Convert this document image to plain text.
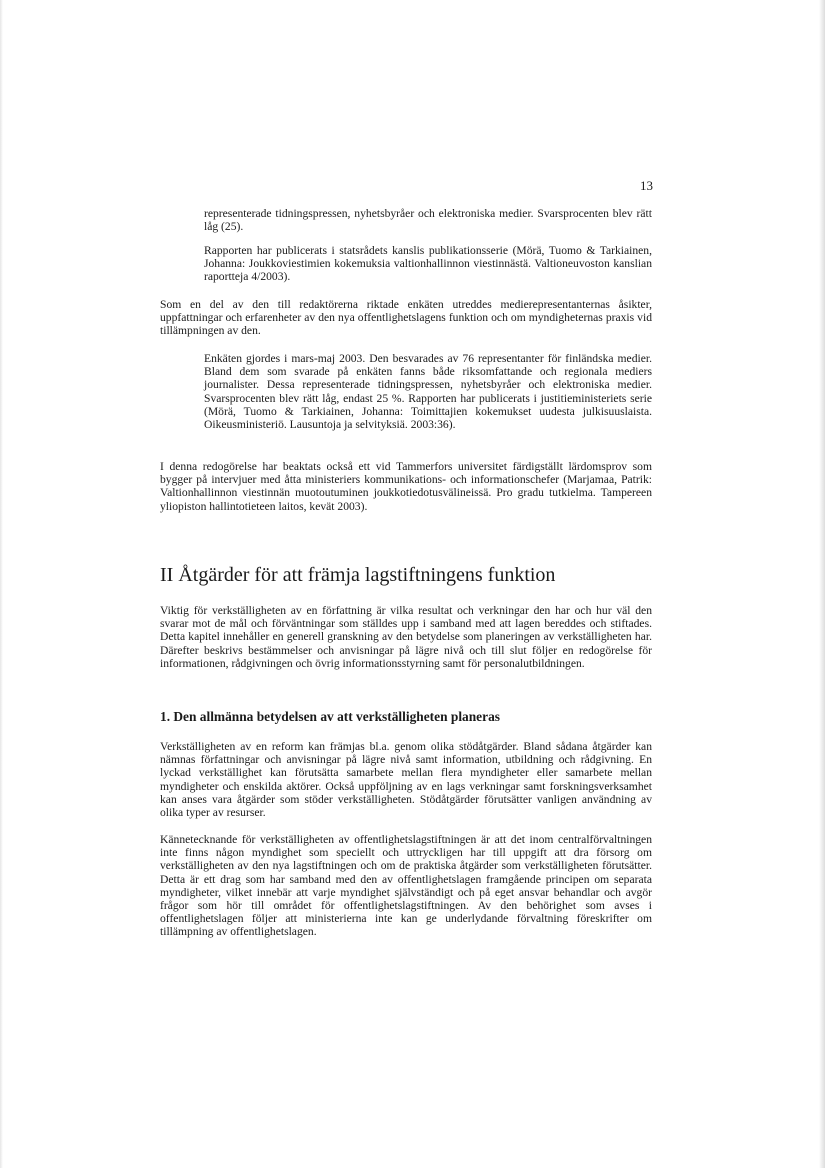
13

representerade tidningspressen, nyhetsbyråer och elektroniska medier. Svarsprocenten blev rätt låg (25).

Rapporten har publicerats i statsrådets kanslis publikationsserie (Mörä, Tuomo & Tarkiainen, Johanna: Joukkoviestimien kokemuksia valtionhallinnon viestinnästä. Valtioneuvoston kanslian raportteja 4/2003).

Som en del av den till redaktörerna riktade enkäten utreddes medierepresentanternas åsikter, uppfattningar och erfarenheter av den nya offentlighetslagens funktion och om myndigheternas praxis vid tillämpningen av den.

Enkäten gjordes i mars-maj 2003. Den besvarades av 76 representanter för finländska medier. Bland dem som svarade på enkäten fanns både riksomfattande och regionala mediers journalister. Dessa representerade tidningspressen, nyhetsbyråer och elektroniska medier. Svarsprocenten blev rätt låg, endast 25 %. Rapporten har publicerats i justitieministeriets serie (Mörä, Tuomo & Tarkiainen, Johanna: Toimittajien kokemukset uudesta julkisuuslaista. Oikeusministeriö. Lausuntoja ja selvityksiä. 2003:36).

I denna redogörelse har beaktats också ett vid Tammerfors universitet färdigställt lärdomsprov som bygger på intervjuer med åtta ministeriers kommunikations- och informationschefer (Marjamaa, Patrik: Valtionhallinnon viestinnän muotoutuminen joukkotiedotusvälineissä. Pro gradu tutkielma. Tampereen yliopiston hallintotieteen laitos, kevät 2003).

II Åtgärder för att främja lagstiftningens funktion

Viktig för verkställigheten av en författning är vilka resultat och verkningar den har och hur väl den svarar mot de mål och förväntningar som ställdes upp i samband med att lagen bereddes och stiftades. Detta kapitel innehåller en generell granskning av den betydelse som planeringen av verkställigheten har. Därefter beskrivs bestämmelser och anvisningar på lägre nivå och till slut följer en redogörelse för informationen, rådgivningen och övrig informationsstyrning samt för personalutbildningen.

1. Den allmänna betydelsen av att verkställigheten planeras

Verkställigheten av en reform kan främjas bl.a. genom olika stödåtgärder. Bland sådana åtgärder kan nämnas författningar och anvisningar på lägre nivå samt information, utbildning och rådgivning. En lyckad verkställighet kan förutsätta samarbete mellan flera myndigheter eller samarbete mellan myndigheter och enskilda aktörer. Också uppföljning av en lags verkningar samt forskningsverksamhet kan anses vara åtgärder som stöder verkställigheten. Stödåtgärder förutsätter vanligen användning av olika typer av resurser.

Kännetecknande för verkställigheten av offentlighetslagstiftningen är att det inom centralförvaltningen inte finns någon myndighet som speciellt och uttryckligen har till uppgift att dra försorg om verkställigheten av den nya lagstiftningen och om de praktiska åtgärder som verkställigheten förutsätter. Detta är ett drag som har samband med den av offentlighetslagen framgående principen om separata myndigheter, vilket innebär att varje myndighet självständigt och på eget ansvar behandlar och avgör frågor som hör till området för offentlighetslagstiftningen. Av den behörighet som avses i offentlighetslagen följer att ministerierna inte kan ge underlydande förvaltning föreskrifter om tillämpning av offentlighetslagen.
